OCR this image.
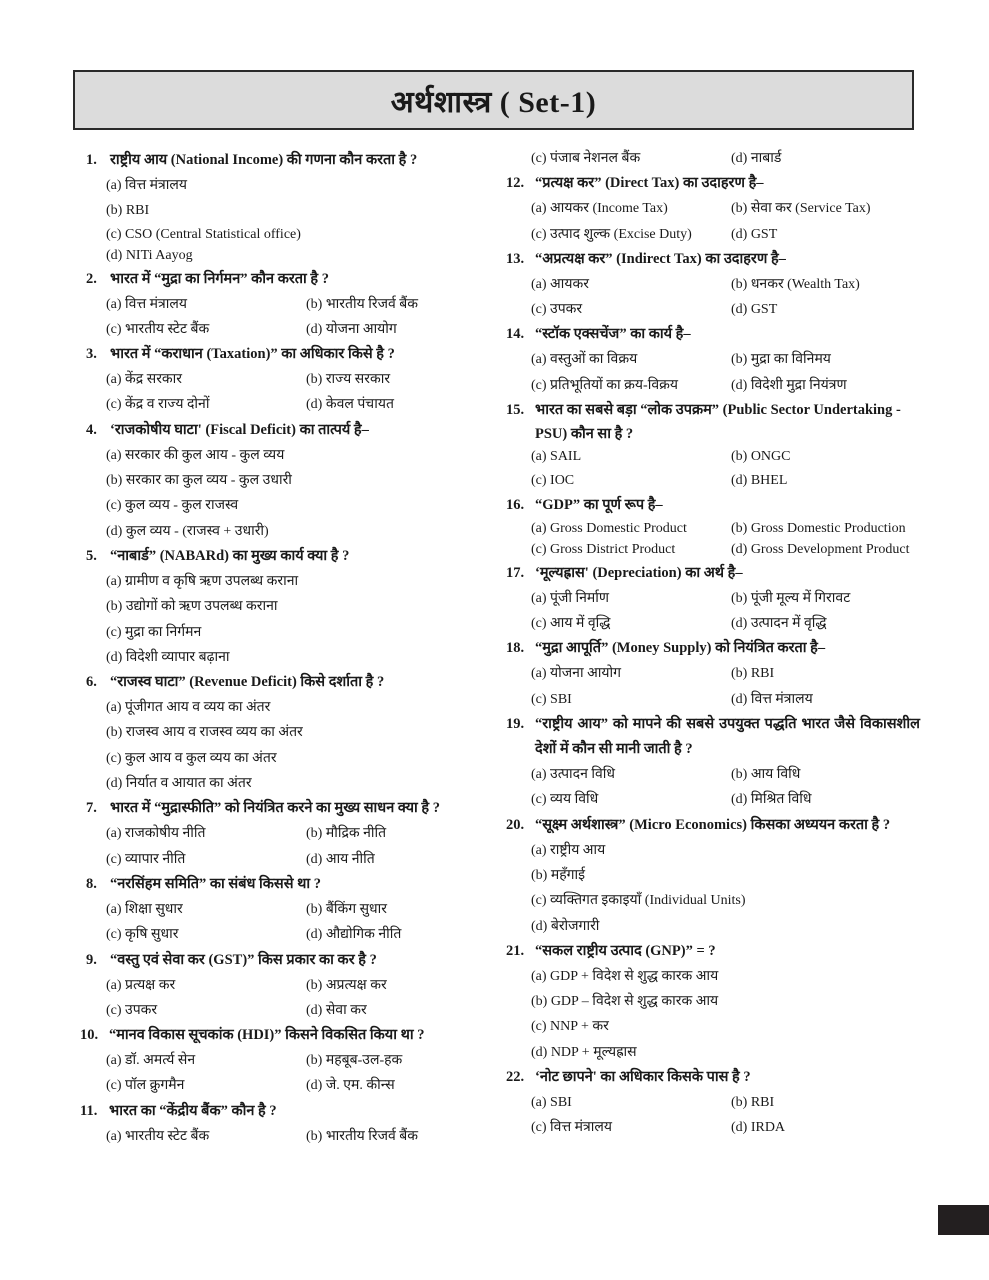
अर्थशास्त्र ( Set-1)
1. राष्ट्रीय आय (National Income) की गणना कौन करता है ?
(a) वित्त मंत्रालय
(b) RBI
(c) CSO (Central Statistical office)
(d) NITi Aayog
2. भारत में “मुद्रा का निर्गमन” कौन करता है ?
(a) वित्त मंत्रालय	(b) भारतीय रिजर्व बैंक
(c) भारतीय स्टेट बैंक	(d) योजना आयोग
3. भारत में “कराधान (Taxation)” का अधिकार किसे है ?
(a) केंद्र सरकार	(b) राज्य सरकार
(c) केंद्र व राज्य दोनों	(d) केवल पंचायत
4. ‘राजकोषीय घाटा' (Fiscal Deficit) का तात्पर्य है–
(a) सरकार की कुल आय - कुल व्यय
(b) सरकार का कुल व्यय - कुल उधारी
(c) कुल व्यय - कुल राजस्व
(d) कुल व्यय - (राजस्व + उधारी)
5. “नाबार्ड” (NABARd) का मुख्य कार्य क्या है ?
(a) ग्रामीण व कृषि ऋण उपलब्ध कराना
(b) उद्योगों को ऋण उपलब्ध कराना
(c) मुद्रा का निर्गमन
(d) विदेशी व्यापार बढ़ाना
6. “राजस्व घाटा” (Revenue Deficit) किसे दर्शाता है ?
(a) पूंजीगत आय व व्यय का अंतर
(b) राजस्व आय व राजस्व व्यय का अंतर
(c) कुल आय व कुल व्यय का अंतर
(d) निर्यात व आयात का अंतर
7. भारत में “मुद्रास्फीति” को नियंत्रित करने का मुख्य साधन क्या है ?
(a) राजकोषीय नीति	(b) मौद्रिक नीति
(c) व्यापार नीति	(d) आय नीति
8. “नरसिंहम समिति” का संबंध किससे था ?
(a) शिक्षा सुधार	(b) बैंकिंग सुधार
(c) कृषि सुधार	(d) औद्योगिक नीति
9. “वस्तु एवं सेवा कर (GST)” किस प्रकार का कर है ?
(a) प्रत्यक्ष कर	(b) अप्रत्यक्ष कर
(c) उपकर	(d) सेवा कर
10. “मानव विकास सूचकांक (HDI)” किसने विकसित किया था ?
(a) डॉ. अमर्त्य सेन	(b) महबूब-उल-हक
(c) पॉल क्रुगमैन	(d) जे. एम. कीन्स
11. भारत का “केंद्रीय बैंक” कौन है ?
(a) भारतीय स्टेट बैंक	(b) भारतीय रिजर्व बैंक
(c) पंजाब नेशनल बैंक	(d) नाबार्ड
12. “प्रत्यक्ष कर” (Direct Tax) का उदाहरण है–
(a) आयकर (Income Tax)	(b) सेवा कर (Service Tax)
(c) उत्पाद शुल्क (Excise Duty)	(d) GST
13. “अप्रत्यक्ष कर” (Indirect Tax) का उदाहरण है–
(a) आयकर	(b) धनकर (Wealth Tax)
(c) उपकर	(d) GST
14. “स्टॉक एक्सचेंज” का कार्य है–
(a) वस्तुओं का विक्रय	(b) मुद्रा का विनिमय
(c) प्रतिभूतियों का क्रय-विक्रय	(d) विदेशी मुद्रा नियंत्रण
15. भारत का सबसे बड़ा “लोक उपक्रम” (Public Sector Undertaking - PSU) कौन सा है ?
(a) SAIL	(b) ONGC
(c) IOC	(d) BHEL
16. “GDP” का पूर्ण रूप है–
(a) Gross Domestic Product	(b) Gross Domestic Production
(c) Gross District Product	(d) Gross Development Product
17. ‘मूल्यह्रास' (Depreciation) का अर्थ है–
(a) पूंजी निर्माण	(b) पूंजी मूल्य में गिरावट
(c) आय में वृद्धि	(d) उत्पादन में वृद्धि
18. “मुद्रा आपूर्ति” (Money Supply) को नियंत्रित करता है–
(a) योजना आयोग	(b) RBI
(c) SBI	(d) वित्त मंत्रालय
19. “राष्ट्रीय आय” को मापने की सबसे उपयुक्त पद्धति भारत जैसे विकासशील देशों में कौन सी मानी जाती है ?
(a) उत्पादन विधि	(b) आय विधि
(c) व्यय विधि	(d) मिश्रित विधि
20. “सूक्ष्म अर्थशास्त्र” (Micro Economics) किसका अध्ययन करता है ?
(a) राष्ट्रीय आय
(b) महँगाई
(c) व्यक्तिगत इकाइयाँ (Individual Units)
(d) बेरोजगारी
21. “सकल राष्ट्रीय उत्पाद (GNP)” = ?
(a) GDP + विदेश से शुद्ध कारक आय
(b) GDP – विदेश से शुद्ध कारक आय
(c) NNP + कर
(d) NDP + मूल्यह्रास
22. ‘नोट छापने' का अधिकार किसके पास है ?
(a) SBI	(b) RBI
(c) वित्त मंत्रालय	(d) IRDA
